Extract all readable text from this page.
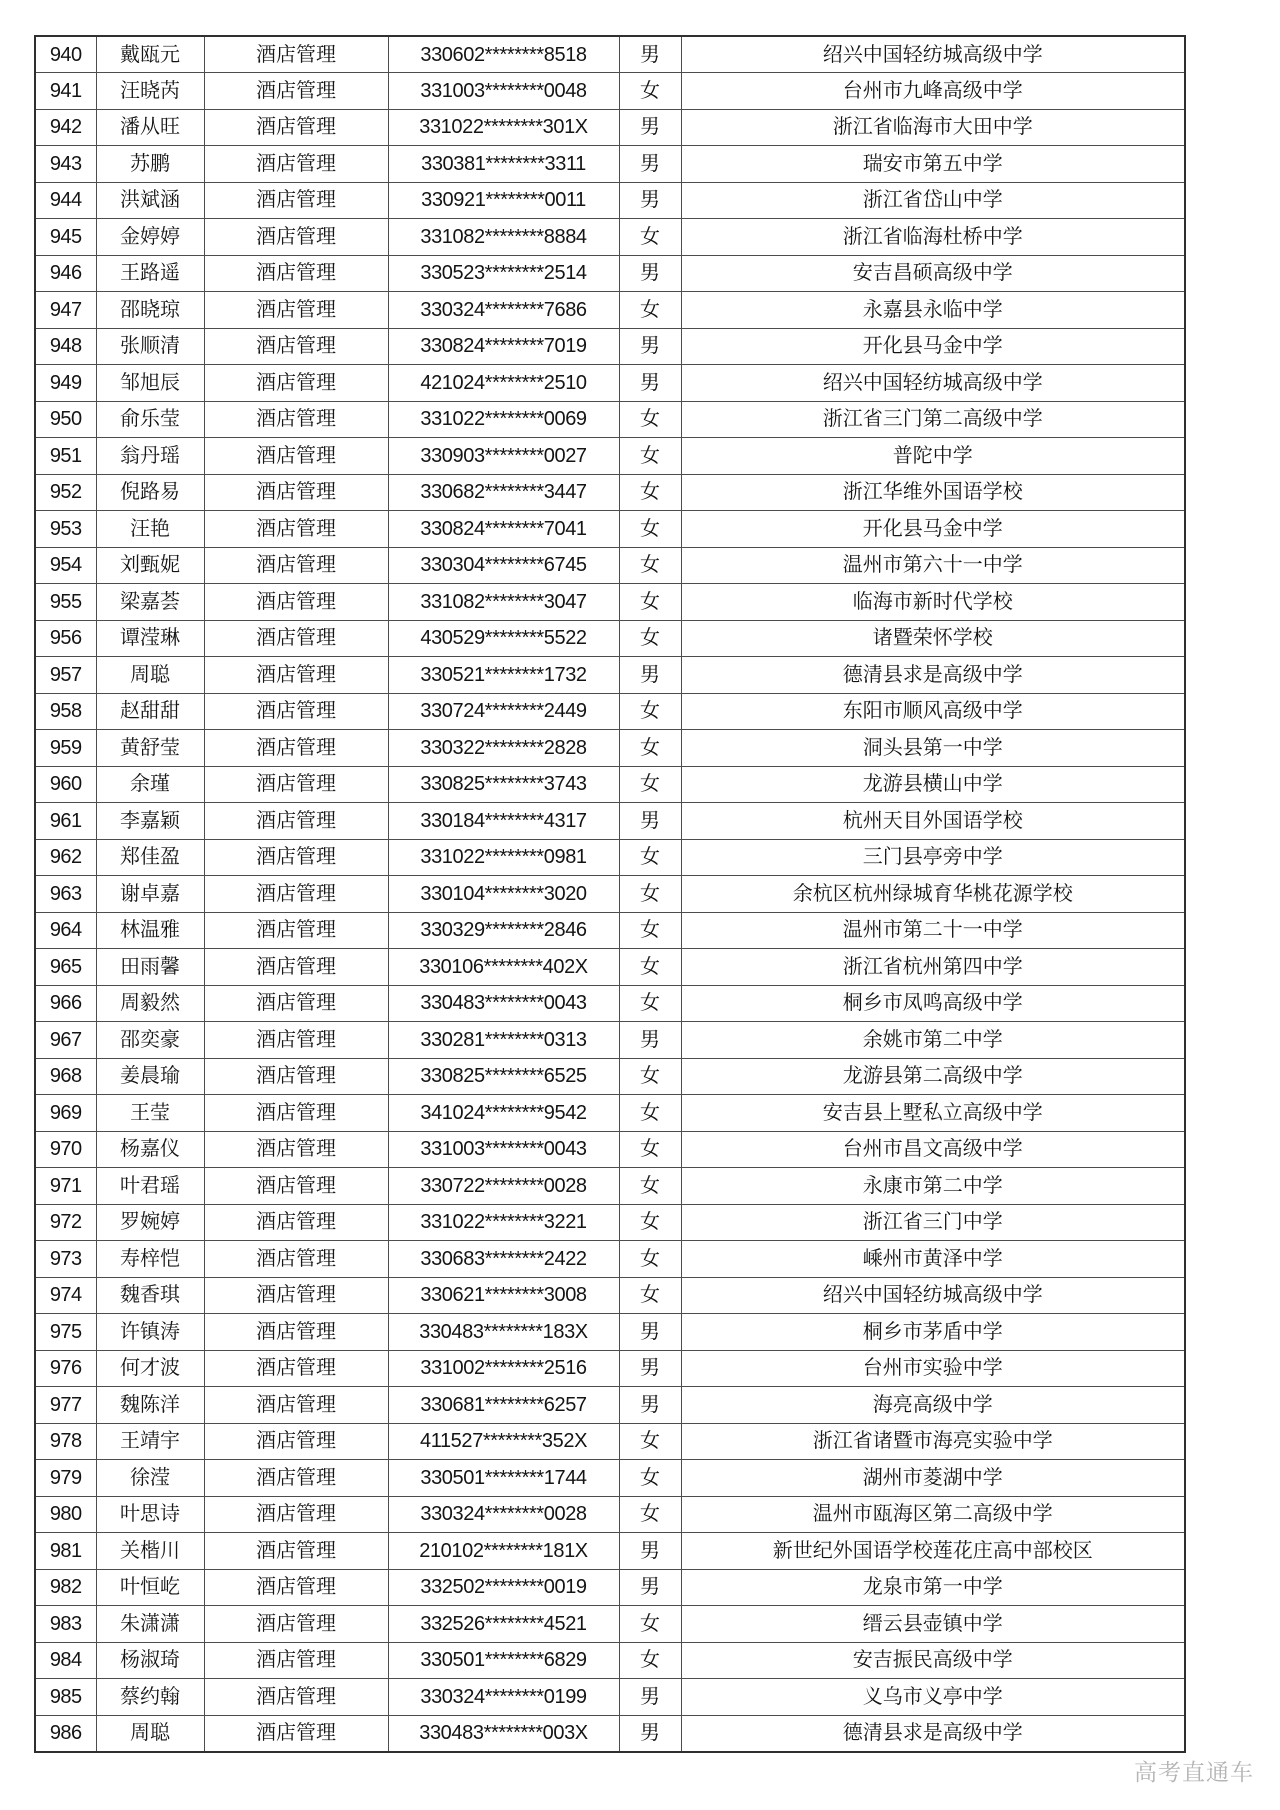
940	戴瓯元	酒店管理	330602********8518	男	绍兴中国轻纺城高级中学
941	汪晓芮	酒店管理	331003********0048	女	台州市九峰高级中学
942	潘从旺	酒店管理	331022********301X	男	浙江省临海市大田中学
943	苏鹏	酒店管理	330381********3311	男	瑞安市第五中学
944	洪斌涵	酒店管理	330921********0011	男	浙江省岱山中学
945	金婷婷	酒店管理	331082********8884	女	浙江省临海杜桥中学
946	王路遥	酒店管理	330523********2514	男	安吉昌硕高级中学
947	邵晓琼	酒店管理	330324********7686	女	永嘉县永临中学
948	张顺清	酒店管理	330824********7019	男	开化县马金中学
949	邹旭辰	酒店管理	421024********2510	男	绍兴中国轻纺城高级中学
950	俞乐莹	酒店管理	331022********0069	女	浙江省三门第二高级中学
951	翁丹瑶	酒店管理	330903********0027	女	普陀中学
952	倪路易	酒店管理	330682********3447	女	浙江华维外国语学校
953	汪艳	酒店管理	330824********7041	女	开化县马金中学
954	刘甄妮	酒店管理	330304********6745	女	温州市第六十一中学
955	梁嘉荟	酒店管理	331082********3047	女	临海市新时代学校
956	谭滢琳	酒店管理	430529********5522	女	诸暨荣怀学校
957	周聪	酒店管理	330521********1732	男	德清县求是高级中学
958	赵甜甜	酒店管理	330724********2449	女	东阳市顺风高级中学
959	黄舒莹	酒店管理	330322********2828	女	洞头县第一中学
960	余瑾	酒店管理	330825********3743	女	龙游县横山中学
961	李嘉颖	酒店管理	330184********4317	男	杭州天目外国语学校
962	郑佳盈	酒店管理	331022********0981	女	三门县亭旁中学
963	谢卓嘉	酒店管理	330104********3020	女	余杭区杭州绿城育华桃花源学校
964	林温雅	酒店管理	330329********2846	女	温州市第二十一中学
965	田雨馨	酒店管理	330106********402X	女	浙江省杭州第四中学
966	周毅然	酒店管理	330483********0043	女	桐乡市凤鸣高级中学
967	邵奕豪	酒店管理	330281********0313	男	余姚市第二中学
968	姜晨瑜	酒店管理	330825********6525	女	龙游县第二高级中学
969	王莹	酒店管理	341024********9542	女	安吉县上墅私立高级中学
970	杨嘉仪	酒店管理	331003********0043	女	台州市昌文高级中学
971	叶君瑶	酒店管理	330722********0028	女	永康市第二中学
972	罗婉婷	酒店管理	331022********3221	女	浙江省三门中学
973	寿梓恺	酒店管理	330683********2422	女	嵊州市黄泽中学
974	魏香琪	酒店管理	330621********3008	女	绍兴中国轻纺城高级中学
975	许镇涛	酒店管理	330483********183X	男	桐乡市茅盾中学
976	何才波	酒店管理	331002********2516	男	台州市实验中学
977	魏陈洋	酒店管理	330681********6257	男	海亮高级中学
978	王靖宇	酒店管理	411527********352X	女	浙江省诸暨市海亮实验中学
979	徐滢	酒店管理	330501********1744	女	湖州市菱湖中学
980	叶思诗	酒店管理	330324********0028	女	温州市瓯海区第二高级中学
981	关楷川	酒店管理	210102********181X	男	新世纪外国语学校莲花庄高中部校区
982	叶恒屹	酒店管理	332502********0019	男	龙泉市第一中学
983	朱潇潇	酒店管理	332526********4521	女	缙云县壶镇中学
984	杨淑琦	酒店管理	330501********6829	女	安吉振民高级中学
985	蔡约翰	酒店管理	330324********0199	男	义乌市义亭中学
986	周聪	酒店管理	330483********003X	男	德清县求是高级中学
高考直通车
